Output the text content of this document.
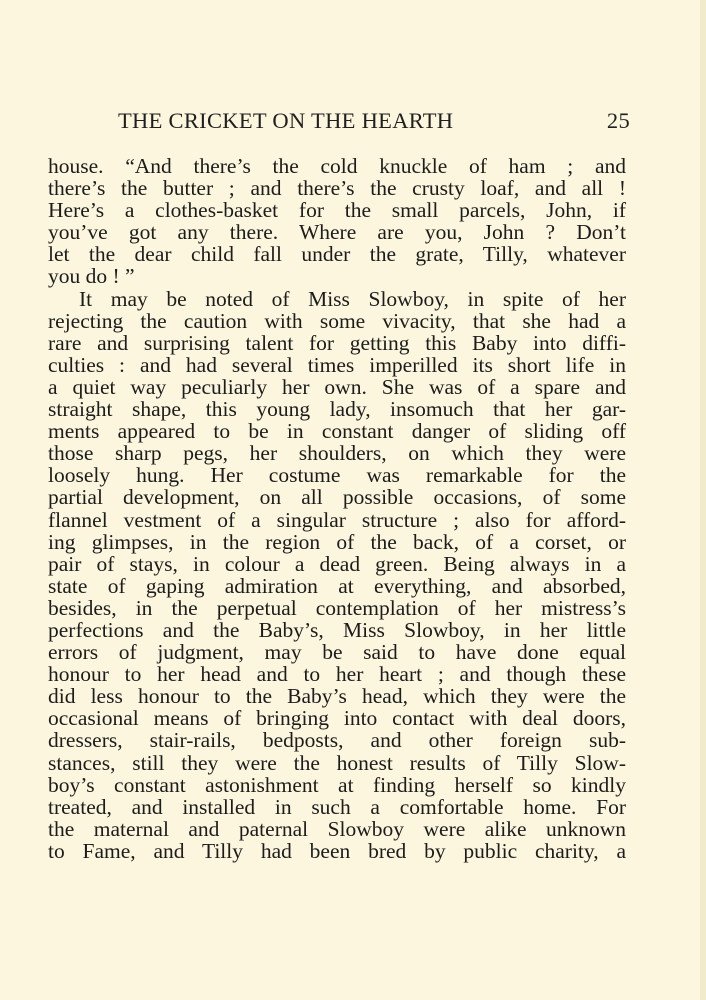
THE CRICKET ON THE HEARTH	25
house. “And there’s the cold knuckle of ham ; and
there’s the butter ; and there’s the crusty loaf, and all !
Here’s a clothes-basket for the small parcels, John, if
you’ve got any there. Where are you, John ? Don’t
let the dear child fall under the grate, Tilly, whatever
you do ! ”
It may be noted of Miss Slowboy, in spite of her
rejecting the caution with some vivacity, that she had a
rare and surprising talent for getting this Baby into diffi-
culties : and had several times imperilled its short life in
a quiet way peculiarly her own. She was of a spare and
straight shape, this young lady, insomuch that her gar-
ments appeared to be in constant danger of sliding off
those sharp pegs, her shoulders, on which they were
loosely hung. Her costume was remarkable for the
partial development, on all possible occasions, of some
flannel vestment of a singular structure ; also for afford-
ing glimpses, in the region of the back, of a corset, or
pair of stays, in colour a dead green. Being always in a
state of gaping admiration at everything, and absorbed,
besides, in the perpetual contemplation of her mistress’s
perfections and the Baby’s, Miss Slowboy, in her little
errors of judgment, may be said to have done equal
honour to her head and to her heart ; and though these
did less honour to the Baby’s head, which they were the
occasional means of bringing into contact with deal doors,
dressers, stair-rails, bedposts, and other foreign sub-
stances, still they were the honest results of Tilly Slow-
boy’s constant astonishment at finding herself so kindly
treated, and installed in such a comfortable home. For
the maternal and paternal Slowboy were alike unknown
to Fame, and Tilly had been bred by public charity, a
